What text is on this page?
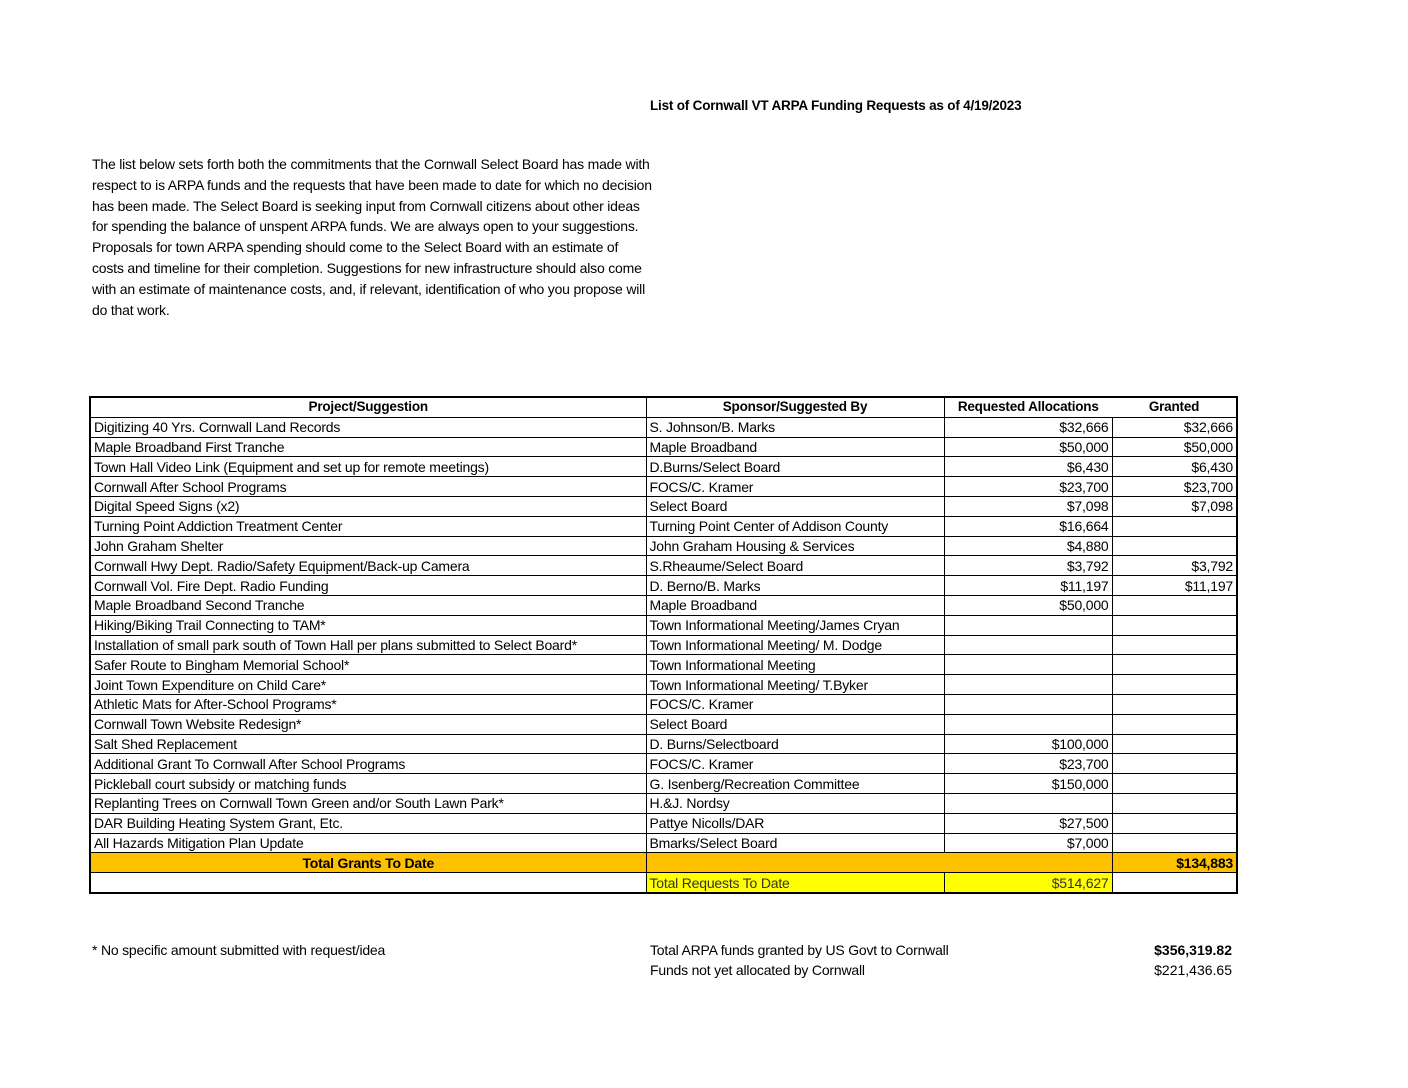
List of Cornwall VT ARPA Funding Requests as of 4/19/2023
The list below sets forth both the commitments that the Cornwall Select Board has made with respect to is ARPA funds and the requests that have been made to date for which no decision has been made. The Select Board is seeking input from Cornwall citizens about other ideas for spending the balance of unspent ARPA funds. We are always open to your suggestions. Proposals for town ARPA spending should come to the Select Board with an estimate of costs and timeline for their completion. Suggestions for new infrastructure should also come with an estimate of maintenance costs, and, if relevant, identification of who you propose will do that work.
Project/Suggestion	Sponsor/Suggested By	Requested Allocations	Granted
Digitizing 40 Yrs. Cornwall Land Records	S. Johnson/B. Marks	$32,666	$32,666
Maple Broadband First Tranche	Maple Broadband	$50,000	$50,000
Town Hall Video Link (Equipment and set up for remote meetings)	D.Burns/Select Board	$6,430	$6,430
Cornwall After School Programs	FOCS/C. Kramer	$23,700	$23,700
Digital Speed Signs (x2)	Select Board	$7,098	$7,098
Turning Point Addiction Treatment Center	Turning Point Center of Addison County	$16,664	
John Graham Shelter	John Graham Housing & Services	$4,880	
Cornwall Hwy Dept. Radio/Safety Equipment/Back-up Camera	S.Rheaume/Select Board	$3,792	$3,792
Cornwall Vol. Fire Dept. Radio Funding	D. Berno/B. Marks	$11,197	$11,197
Maple Broadband Second Tranche	Maple Broadband	$50,000	
Hiking/Biking Trail Connecting to TAM*	Town Informational Meeting/James Cryan		
Installation of small park south of Town Hall per plans submitted to Select Board*	Town Informational Meeting/ M. Dodge		
Safer Route to Bingham Memorial School*	Town Informational Meeting		
Joint Town Expenditure on Child Care*	Town Informational Meeting/ T.Byker		
Athletic Mats for After-School Programs*	FOCS/C. Kramer		
Cornwall Town Website Redesign*	Select Board		
Salt Shed Replacement	D. Burns/Selectboard	$100,000	
Additional Grant To Cornwall After School Programs	FOCS/C. Kramer	$23,700	
Pickleball court subsidy or matching funds	G. Isenberg/Recreation Committee	$150,000	
Replanting Trees on Cornwall Town Green and/or South Lawn Park*	H.&J. Nordsy		
DAR Building Heating System Grant, Etc.	Pattye Nicolls/DAR	$27,500	
All Hazards Mitigation Plan Update	Bmarks/Select Board	$7,000	
Total Grants To Date			$134,883
	Total Requests To Date	$514,627	
* No specific amount submitted with request/idea	Total ARPA funds granted by US Govt to Cornwall	$356,319.82
Funds not yet allocated by Cornwall	$221,436.65
